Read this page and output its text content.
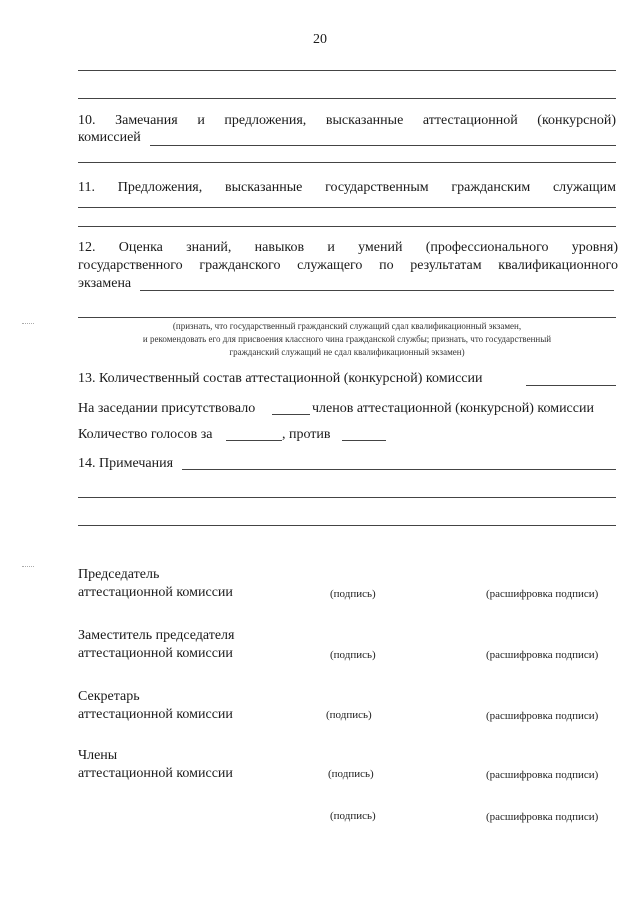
20
10. Замечания и предложения, высказанные аттестационной (конкурсной)
комиссией
11. Предложения, высказанные государственным гражданским служащим
12. Оценка знаний, навыков и умений (профессионального уровня)
государственного гражданского служащего по результатам квалификационного
экзамена
(признать, что государственный гражданский служащий сдал квалификационный экзамен,
и рекомендовать его для присвоения классного чина гражданской службы; признать, что государственный
гражданский служащий не сдал квалификационный экзамен)
13. Количественный состав аттестационной (конкурсной) комиссии
На заседании присутствовало	членов аттестационной (конкурсной) комиссии
Количество голосов за	, против
14. Примечания
Председатель
аттестационной комиссии	(подпись)	(расшифровка подписи)
Заместитель председателя
аттестационной комиссии	(подпись)	(расшифровка подписи)
Секретарь
аттестационной комиссии	(подпись)	(расшифровка подписи)
Члены
аттестационной комиссии	(подпись)	(расшифровка подписи)
(подпись)	(расшифровка подписи)
